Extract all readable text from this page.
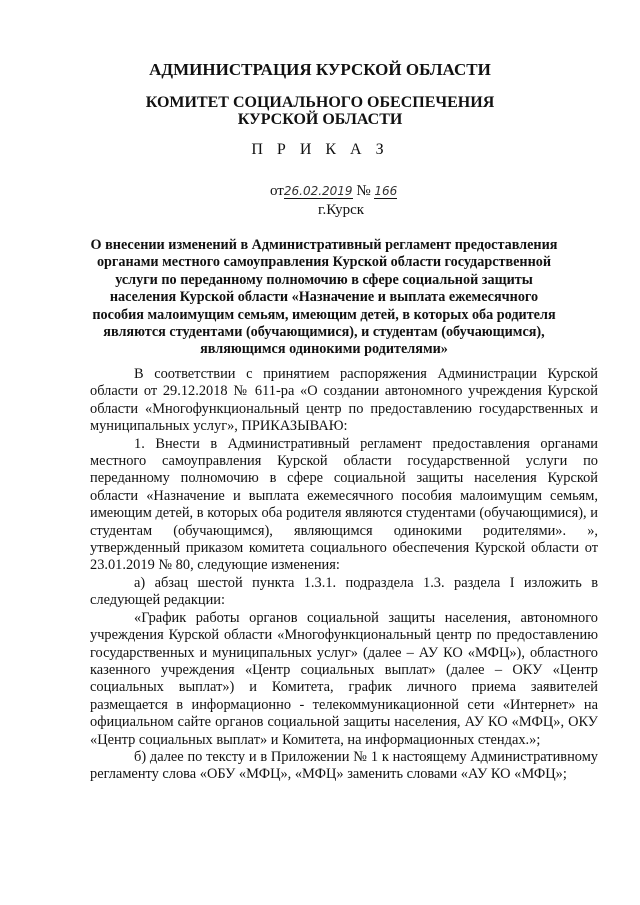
АДМИНИСТРАЦИЯ КУРСКОЙ ОБЛАСТИ
КОМИТЕТ СОЦИАЛЬНОГО ОБЕСПЕЧЕНИЯ
КУРСКОЙ ОБЛАСТИ
П Р И К А З
от26.02.2019 № 166
г.Курск
О внесении изменений в Административный регламент предоставления органами местного самоуправления Курской области государственной услуги по переданному полномочию в сфере социальной защиты населения Курской области «Назначение и выплата ежемесячного пособия малоимущим семьям, имеющим детей, в которых оба родителя являются студентами (обучающимися), и студентам (обучающимся), являющимся одинокими родителями»

В соответствии с принятием распоряжения Администрации Курской области от 29.12.2018 № 611-ра «О создании автономного учреждения Курской области «Многофункциональный центр по предоставлению государственных и муниципальных услуг», ПРИКАЗЫВАЮ:

1. Внести в Административный регламент предоставления органами местного самоуправления Курской области государственной услуги по переданному полномочию в сфере социальной защиты населения Курской области «Назначение и выплата ежемесячного пособия малоимущим семьям, имеющим детей, в которых оба родителя являются студентами (обучающимися), и студентам (обучающимся), являющимся одинокими родителями». », утвержденный приказом комитета социального обеспечения Курской области от 23.01.2019 № 80, следующие изменения:

а) абзац шестой пункта 1.3.1. подраздела 1.3. раздела I изложить в следующей редакции:

«График работы органов социальной защиты населения, автономного учреждения Курской области «Многофункциональный центр по предоставлению государственных и муниципальных услуг» (далее – АУ КО «МФЦ»), областного казенного учреждения «Центр социальных выплат» (далее – ОКУ «Центр социальных выплат») и Комитета, график личного приема заявителей размещается в информационно - телекоммуникационной сети «Интернет» на официальном сайте органов социальной защиты населения, АУ КО «МФЦ», ОКУ «Центр социальных выплат» и Комитета, на информационных стендах.»;

б) далее по тексту и в Приложении № 1 к настоящему Административному регламенту слова «ОБУ «МФЦ», «МФЦ» заменить словами «АУ КО «МФЦ»;
